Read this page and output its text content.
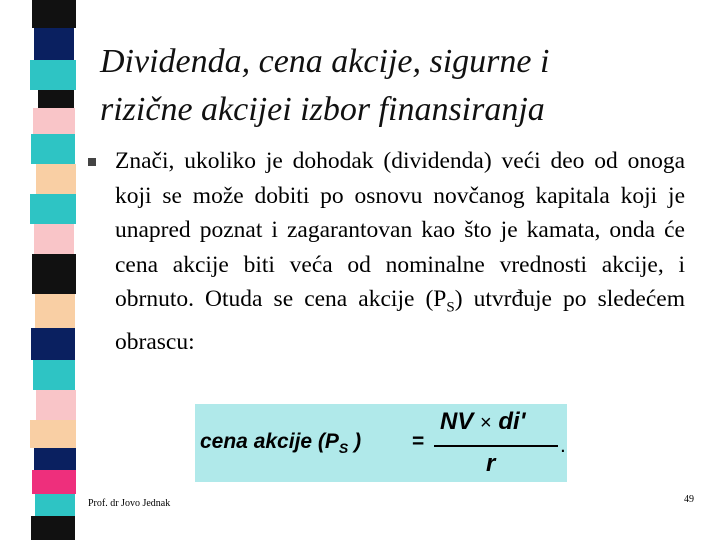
Dividenda, cena akcije, sigurne i
rizične akcijei izbor finansiranja
Znači, ukoliko je dohodak (dividenda) veći deo od onoga koji se može dobiti po osnovu novčanog kapitala koji je unapred poznat i zagarantovan kao što je kamata, onda će cena akcije biti veća od nominalne vrednosti akcije, i obrnuto. Otuda se cena akcije $(P_S)$ utvrđuje po sledećem obrascu:
cena akcije ($P_S$ ) =
NV × di'
r
.
Prof. dr Jovo Jednak	49
